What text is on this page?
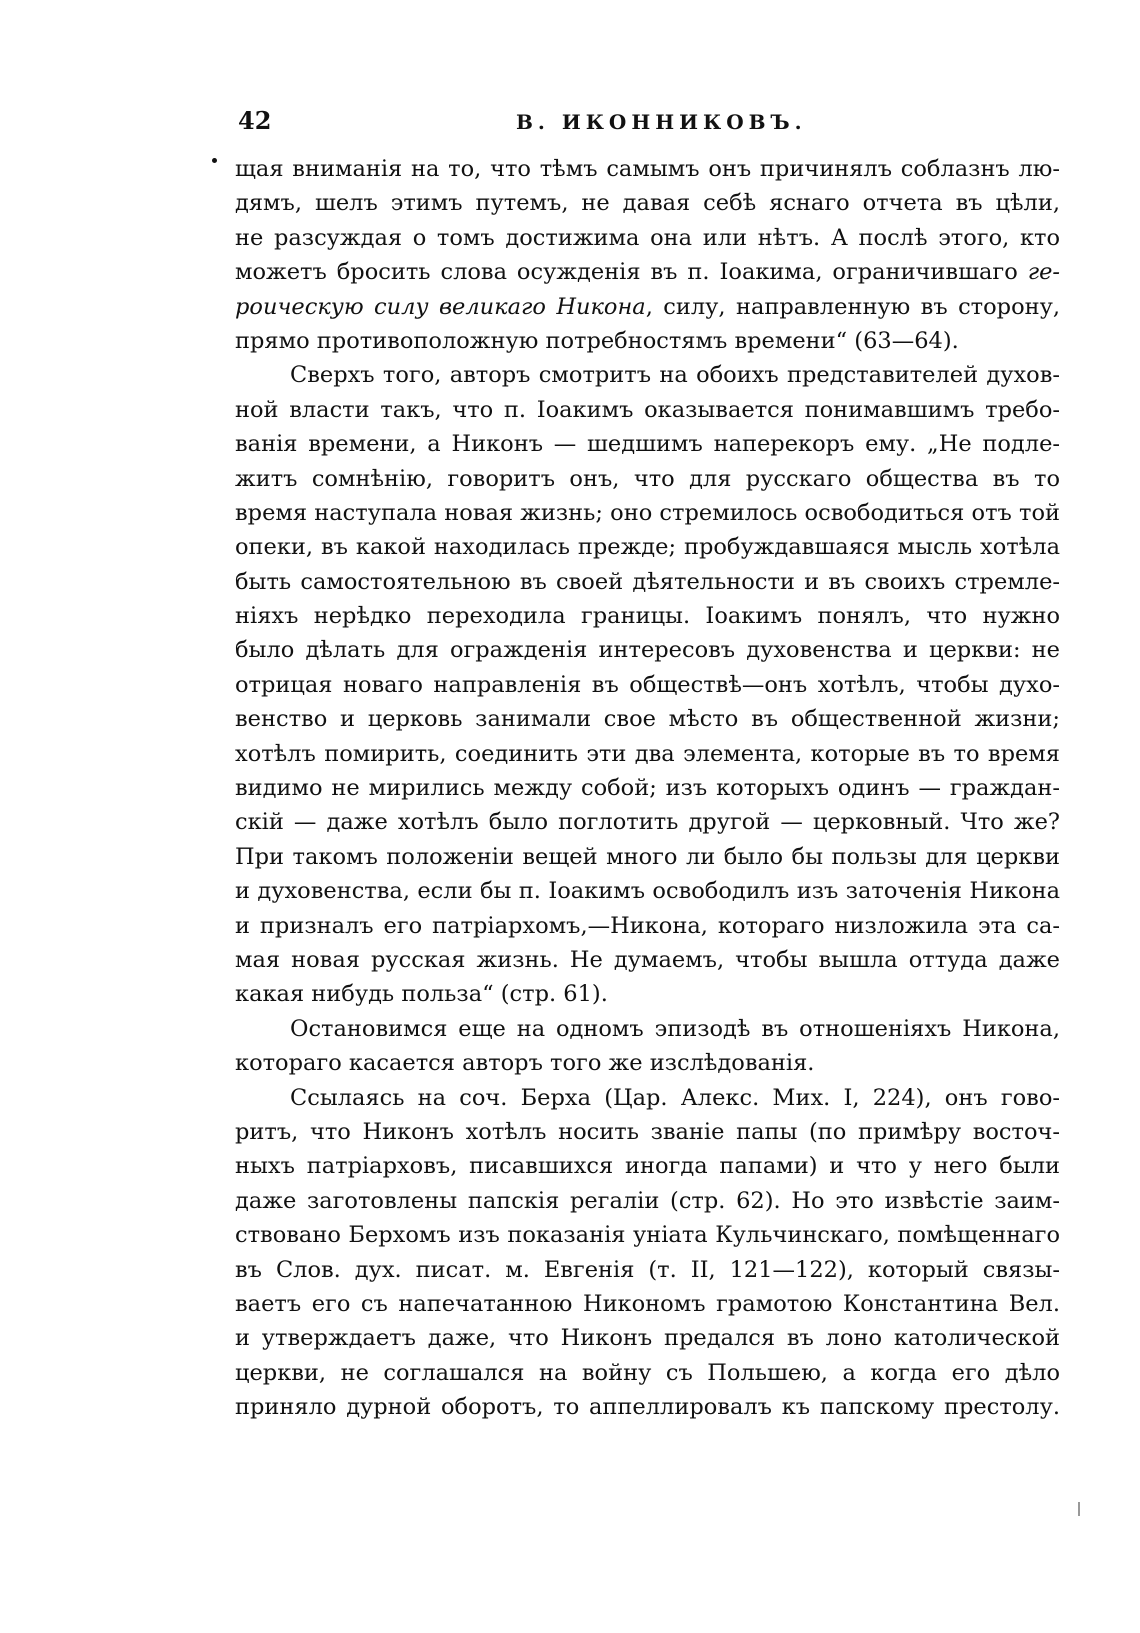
42	В. ИКОННИКОВЪ.
щая вниманія на то, что тѣмъ самымъ онъ причинялъ соблазнъ лю-
дямъ, шелъ этимъ путемъ, не давая себѣ яснаго отчета въ цѣли,
не разсуждая о томъ достижима она или нѣтъ. А послѣ этого, кто
можетъ бросить слова осужденія въ п. Іоакима, ограничившаго ге-
роическую силу великаго Никона, силу, направленную въ сторону,
прямо противоположную потребностямъ времени“ (63—64).
Сверхъ того, авторъ смотритъ на обоихъ представителей духов-
ной власти такъ, что п. Іоакимъ оказывается понимавшимъ требо-
ванія времени, а Никонъ — шедшимъ наперекоръ ему. „Не подле-
житъ сомнѣнію, говоритъ онъ, что для русскаго общества въ то
время наступала новая жизнь; оно стремилось освободиться отъ той
опеки, въ какой находилась прежде; пробуждавшаяся мысль хотѣла
быть самостоятельною въ своей дѣятельности и въ своихъ стремле-
ніяхъ нерѣдко переходила границы. Іоакимъ понялъ, что нужно
было дѣлать для огражденія интересовъ духовенства и церкви: не
отрицая новаго направленія въ обществѣ—онъ хотѣлъ, чтобы духо-
венство и церковь занимали свое мѣсто въ общественной жизни;
хотѣлъ помирить, соединить эти два элемента, которые въ то время
видимо не мирились между собой; изъ которыхъ одинъ — граждан-
скій — даже хотѣлъ было поглотить другой — церковный. Что же?
При такомъ положеніи вещей много ли было бы пользы для церкви
и духовенства, если бы п. Іоакимъ освободилъ изъ заточенія Никона
и призналъ его патріархомъ,—Никона, котораго низложила эта са-
мая новая русская жизнь. Не думаемъ, чтобы вышла оттуда даже
какая нибудь польза“ (стр. 61).
Остановимся еще на одномъ эпизодѣ въ отношеніяхъ Никона,
котораго касается авторъ того же изслѣдованія.
Ссылаясь на соч. Берха (Цар. Алекс. Мих. I, 224), онъ гово-
ритъ, что Никонъ хотѣлъ носить званіе папы (по примѣру восточ-
ныхъ патріарховъ, писавшихся иногда папами) и что у него были
даже заготовлены папскія регаліи (стр. 62). Но это извѣстіе заим-
ствовано Берхомъ изъ показанія уніата Кульчинскаго, помѣщеннаго
въ Слов. дух. писат. м. Евгенія (т. II, 121—122), который связы-
ваетъ его съ напечатанною Никономъ грамотою Константина Вел.
и утверждаетъ даже, что Никонъ предался въ лоно католической
церкви, не соглашался на войну съ Польшею, а когда его дѣло
приняло дурной оборотъ, то аппеллировалъ къ папскому престолу.
